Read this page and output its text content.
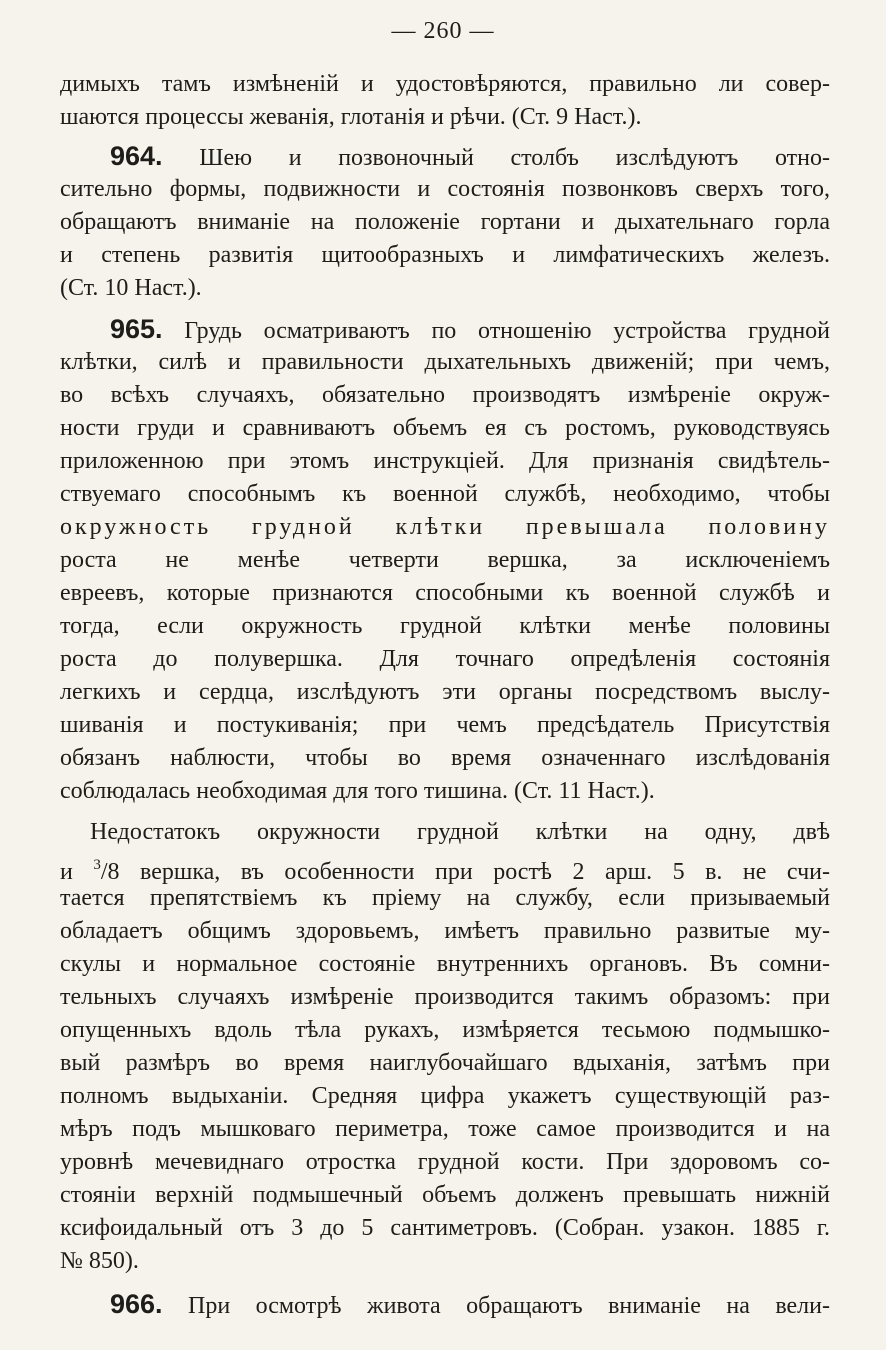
— 260 —
димыхъ тамъ измѣненій и удостовѣряются, правильно ли совер-
шаются процессы жеванія, глотанія и рѣчи. (Ст. 9 Наст.).
964. Шею и позвоночный столбъ изслѣдуютъ отно-
сительно формы, подвижности и состоянія позвонковъ сверхъ того,
обращаютъ вниманіе на положеніе гортани и дыхательнаго горла
и степень развитія щитообразныхъ и лимфатическихъ железъ.
(Ст. 10 Наст.).
965. Грудь осматриваютъ по отношенію устройства грудной
клѣтки, силѣ и правильности дыхательныхъ движеній; при чемъ,
во всѣхъ случаяхъ, обязательно производятъ измѣреніе окруж-
ности груди и сравниваютъ объемъ ея съ ростомъ, руководствуясь
приложенною при этомъ инструкціей. Для признанія свидѣтель-
ствуемаго способнымъ къ военной службѣ, необходимо, чтобы
окружность грудной клѣтки превышала половину
роста не менѣе четверти вершка, за исключеніемъ
евреевъ, которые признаются способными къ военной службѣ и
тогда, если окружность грудной клѣтки менѣе половины
роста до полувершка. Для точнаго опредѣленія состоянія
легкихъ и сердца, изслѣдуютъ эти органы посредствомъ выслу-
шиванія и постукиванія; при чемъ предсѣдатель Присутствія
обязанъ наблюсти, чтобы во время означеннаго изслѣдованія
соблюдалась необходимая для того тишина. (Ст. 11 Наст.).
Недостатокъ окружности грудной клѣтки на одну, двѣ
и $^3$/8 вершка, въ особенности при ростѣ 2 арш. 5 в. не счи-
тается препятствіемъ къ пріему на службу, если призываемый
обладаетъ общимъ здоровьемъ, имѣетъ правильно развитые му-
скулы и нормальное состояніе внутреннихъ органовъ. Въ сомни-
тельныхъ случаяхъ измѣреніе производится такимъ образомъ: при
опущенныхъ вдоль тѣла рукахъ, измѣряется тесьмою подмышко-
вый размѣръ во время наиглубочайшаго вдыханія, затѣмъ при
полномъ выдыханіи. Средняя цифра укажетъ существующій раз-
мѣръ подъ мышковаго периметра, тоже самое производится и на
уровнѣ мечевиднаго отростка грудной кости. При здоровомъ со-
стояніи верхній подмышечный объемъ долженъ превышать нижній
ксифоидальный отъ 3 до 5 сантиметровъ. (Собран. узакон. 1885 г.
№ 850).
966. При осмотрѣ живота обращаютъ вниманіе на вели-
